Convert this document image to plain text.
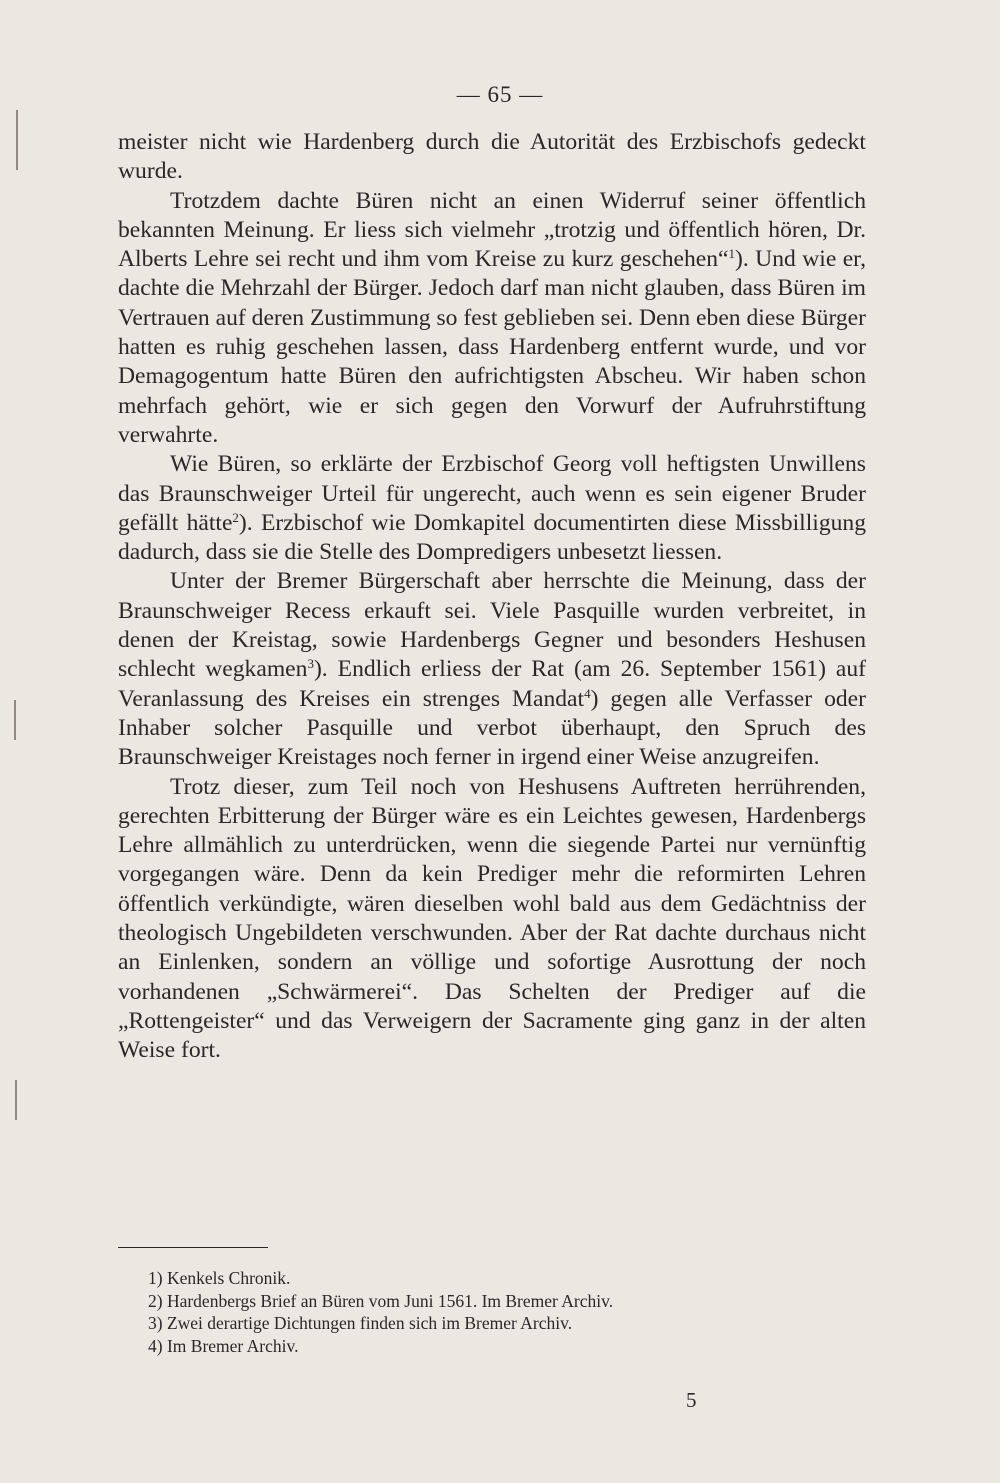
— 65 —

meister nicht wie Hardenberg durch die Autorität des Erzbischofs gedeckt wurde.

Trotzdem dachte Büren nicht an einen Widerruf seiner öffentlich bekannten Meinung. Er liess sich vielmehr „trotzig und öffentlich hören, Dr. Alberts Lehre sei recht und ihm vom Kreise zu kurz geschehen“$^1$). Und wie er, dachte die Mehrzahl der Bürger. Jedoch darf man nicht glauben, dass Büren im Vertrauen auf deren Zustimmung so fest geblieben sei. Denn eben diese Bürger hatten es ruhig geschehen lassen, dass Hardenberg entfernt wurde, und vor Demagogentum hatte Büren den aufrichtigsten Abscheu. Wir haben schon mehrfach gehört, wie er sich gegen den Vorwurf der Aufruhrstiftung verwahrte.

Wie Büren, so erklärte der Erzbischof Georg voll heftigsten Unwillens das Braunschweiger Urteil für ungerecht, auch wenn es sein eigener Bruder gefällt hätte$^2$). Erzbischof wie Domkapitel documentirten diese Missbilligung dadurch, dass sie die Stelle des Dompredigers unbesetzt liessen.

Unter der Bremer Bürgerschaft aber herrschte die Meinung, dass der Braunschweiger Recess erkauft sei. Viele Pasquille wurden verbreitet, in denen der Kreistag, sowie Hardenbergs Gegner und besonders Heshusen schlecht wegkamen$^3$). Endlich erliess der Rat (am 26. September 1561) auf Veranlassung des Kreises ein strenges Mandat$^4$) gegen alle Verfasser oder Inhaber solcher Pasquille und verbot überhaupt, den Spruch des Braunschweiger Kreistages noch ferner in irgend einer Weise anzugreifen.

Trotz dieser, zum Teil noch von Heshusens Auftreten herrührenden, gerechten Erbitterung der Bürger wäre es ein Leichtes gewesen, Hardenbergs Lehre allmählich zu unterdrücken, wenn die siegende Partei nur vernünftig vorgegangen wäre. Denn da kein Prediger mehr die reformirten Lehren öffentlich verkündigte, wären dieselben wohl bald aus dem Gedächtniss der theologisch Ungebildeten verschwunden. Aber der Rat dachte durchaus nicht an Einlenken, sondern an völlige und sofortige Ausrottung der noch vorhandenen „Schwärmerei“. Das Schelten der Prediger auf die „Rottengeister“ und das Verweigern der Sacramente ging ganz in der alten Weise fort.

1) Kenkels Chronik.
2) Hardenbergs Brief an Büren vom Juni 1561. Im Bremer Archiv.
3) Zwei derartige Dichtungen finden sich im Bremer Archiv.
4) Im Bremer Archiv.
5
